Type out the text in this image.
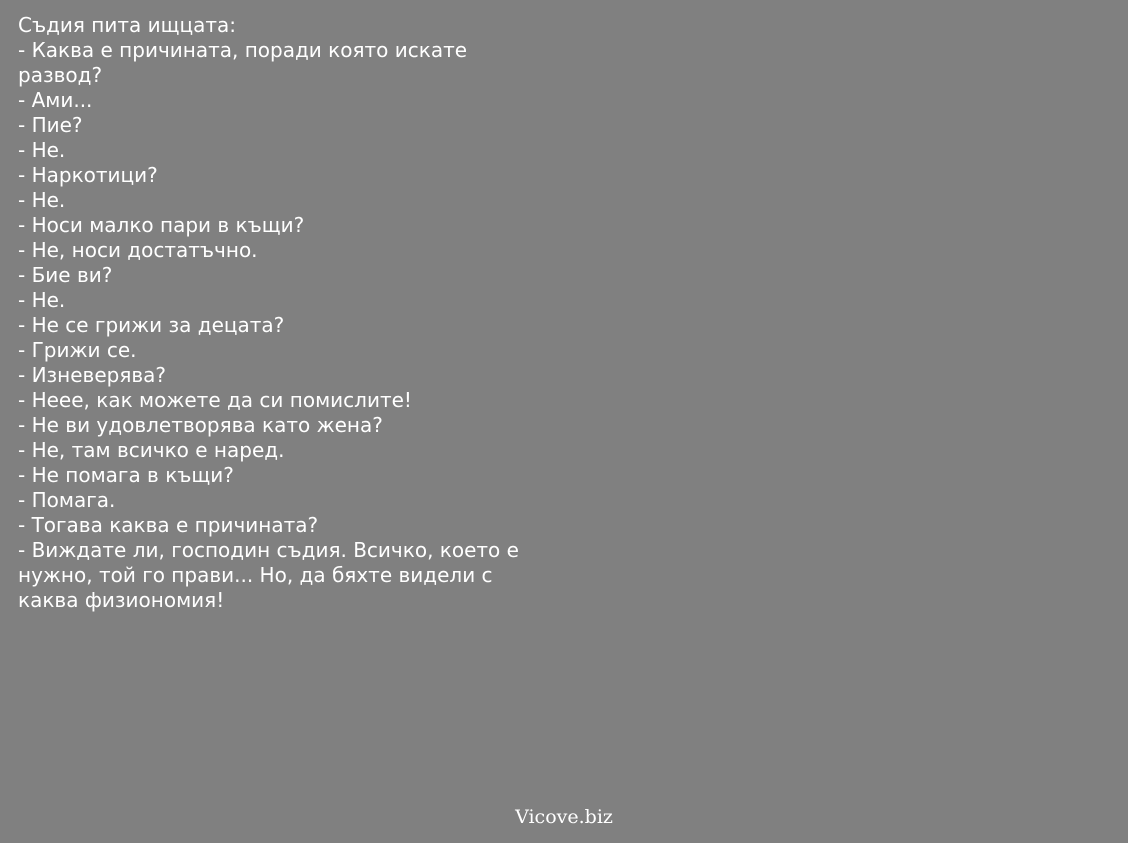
Съдия пита ищцата:
- Каква е причината, поради която искате
развод?
- Ами...
- Пие?
- Не.
- Наркотици?
- Не.
- Носи малко пари в къщи?
- Не, носи достатъчно.
- Бие ви?
- Не.
- Не се грижи за децата?
- Грижи се.
- Изневерява?
- Неее, как можете да си помислите!
- Не ви удовлетворява като жена?
- Не, там всичко е наред.
- Не помага в къщи?
- Помага.
- Тогава каква е причината?
- Виждате ли, господин съдия. Всичко, което е
нужно, той го прави... Но, да бяхте видели с
каква физиономия!
Vicove.biz
